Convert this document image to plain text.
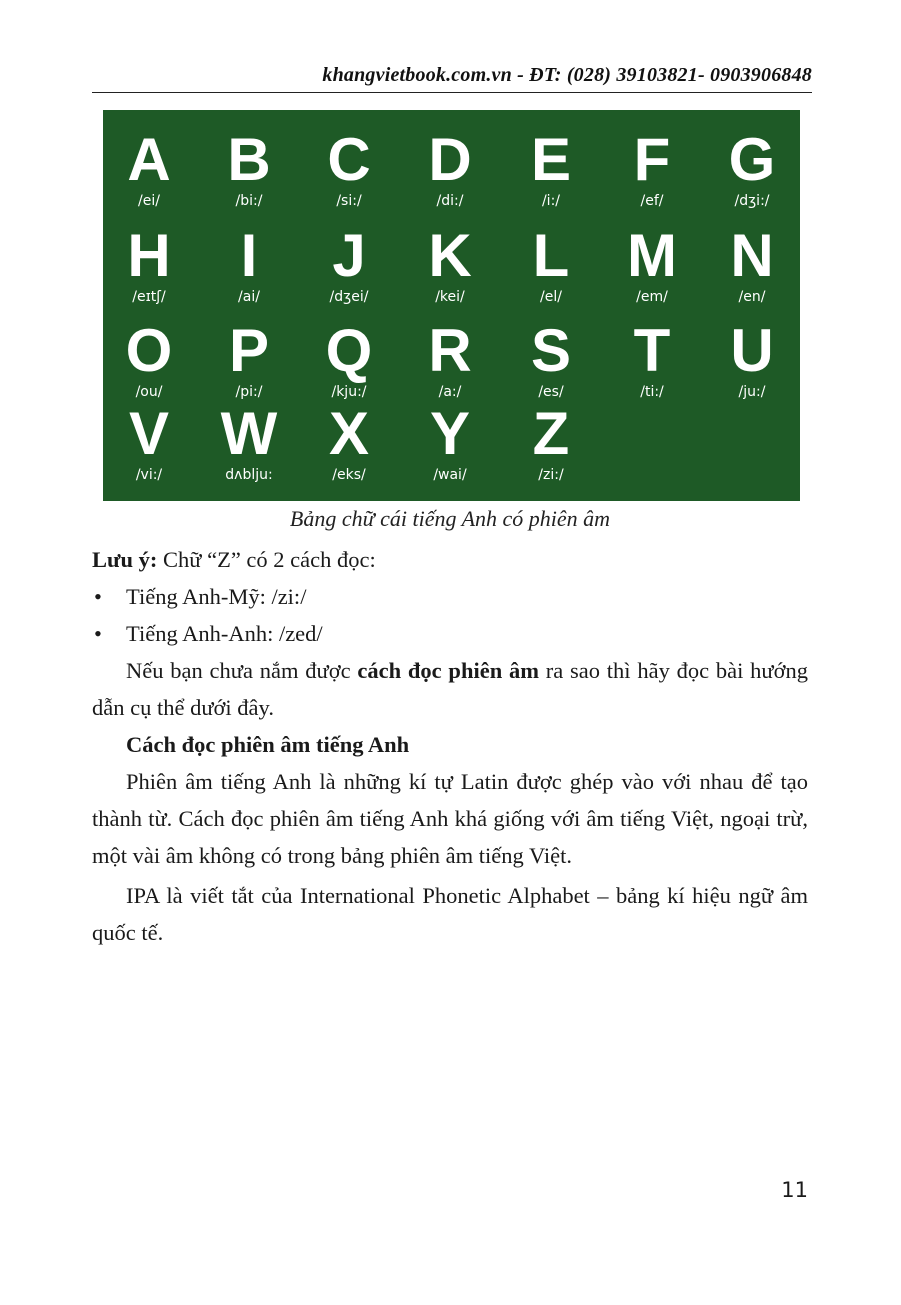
khangvietbook.com.vn - ĐT: (028) 39103821- 0903906848
A
/ei/
B
/bi:/
C
/si:/
D
/di:/
E
/i:/
F
/ef/
G
/dʒi:/
H
/eɪtʃ/
I
/ai/
J
/dʒei/
K
/kei/
L
/el/
M
/em/
N
/en/
O
/ou/
P
/pi:/
Q
/kju:/
R
/a:/
S
/es/
T
/ti:/
U
/ju:/
V
/vi:/
W
dʌblju:
X
/eks/
Y
/wai/
Z
/zi:/
Bảng chữ cái tiếng Anh có phiên âm

Lưu ý: Chữ “Z” có 2 cách đọc:

• Tiếng Anh-Mỹ: /zi:/
• Tiếng Anh-Anh: /zed/

Nếu bạn chưa nắm được cách đọc phiên âm ra sao thì hãy đọc bài hướng dẫn cụ thể dưới đây.

Cách đọc phiên âm tiếng Anh

Phiên âm tiếng Anh là những kí tự Latin được ghép vào với nhau để tạo thành từ. Cách đọc phiên âm tiếng Anh khá giống với âm tiếng Việt, ngoại trừ, một vài âm không có trong bảng phiên âm tiếng Việt.

IPA là viết tắt của International Phonetic Alphabet – bảng kí hiệu ngữ âm quốc tế.

11
